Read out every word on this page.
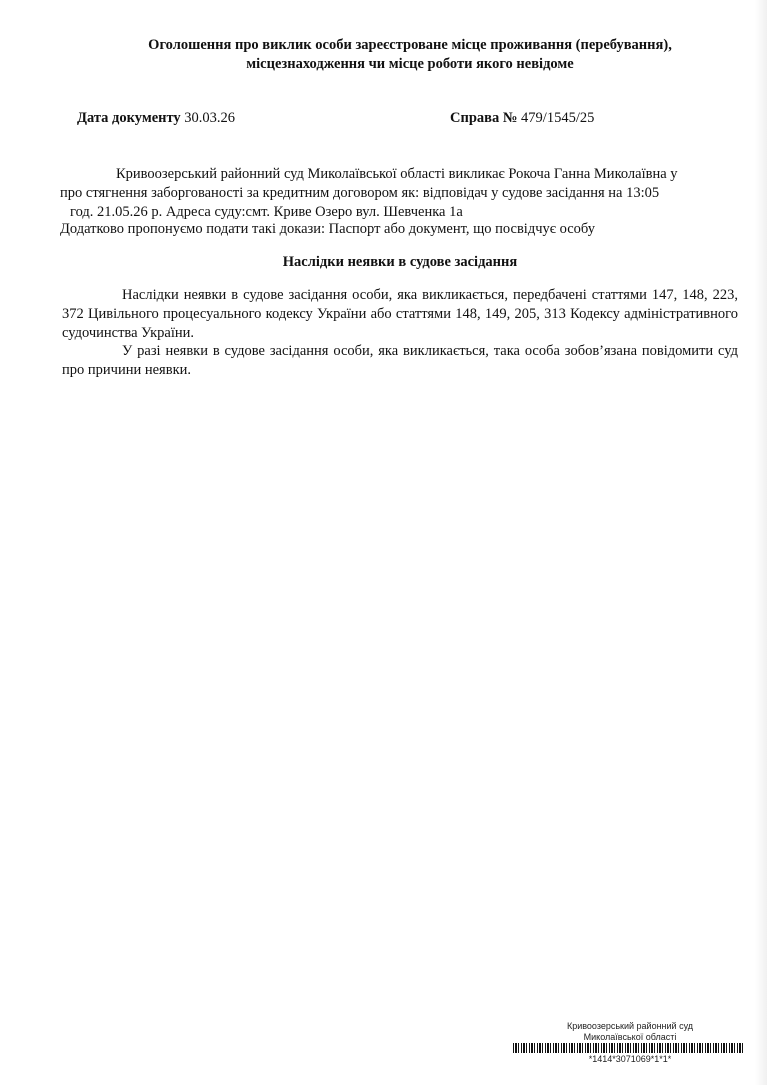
Оголошення про виклик особи зареєстроване місце проживання (перебування),
місцезнаходження чи місце роботи якого невідоме
Дата документу 30.03.26	Справа № 479/1545/25
Кривоозерський районний суд Миколаївської області викликає Рокоча Ганна Миколаївна у
про стягнення заборгованості за кредитним договором як: відповідач у судове засідання на 13:05
год. 21.05.26 р. Адреса суду:смт. Криве Озеро вул. Шевченка 1а
Додатково пропонуємо подати такі докази: Паспорт або документ, що посвідчує особу
Наслідки неявки в судове засідання
Наслідки неявки в судове засідання особи, яка викликається, передбачені статтями 147, 148, 223, 372 Цивільного процесуального кодексу України або статтями 148, 149, 205, 313 Кодексу адміністративного судочинства України.
У разі неявки в судове засідання особи, яка викликається, така особа зобов’язана повідомити суд про причини неявки.
Кривоозерський районний суд
Миколаївської області
*1414*3071069*1*1*
